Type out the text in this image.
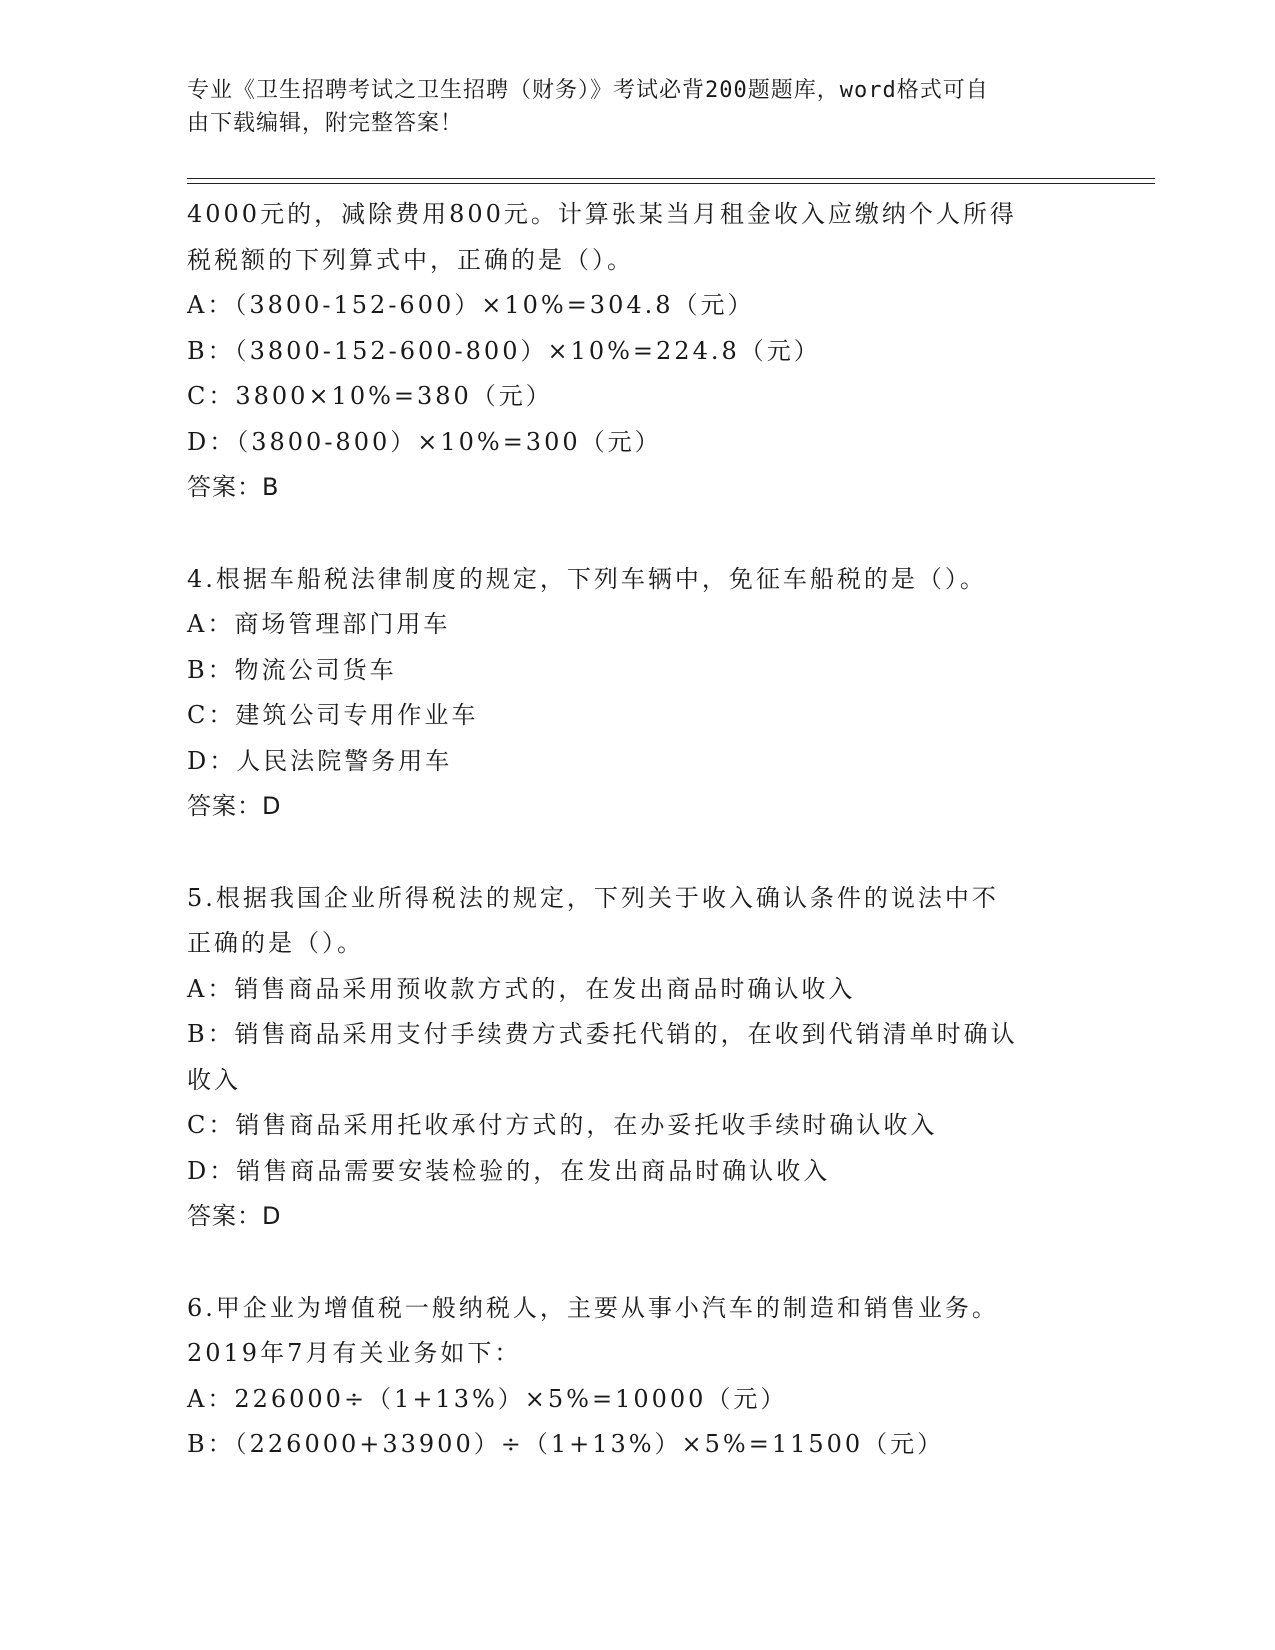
专业《卫生招聘考试之卫生招聘（财务）》考试必背200题题库，word格式可自
由下载编辑，附完整答案！
4000元的，减除费用800元。计算张某当月租金收入应缴纳个人所得
税税额的下列算式中，正确的是（）。
A：（3800-152-600）×10%=304.8（元）
B：（3800-152-600-800）×10%=224.8（元）
C：3800×10%=380（元）
D：（3800-800）×10%=300（元）
答案：B
4.根据车船税法律制度的规定，下列车辆中，免征车船税的是（）。
A：商场管理部门用车
B：物流公司货车
C：建筑公司专用作业车
D：人民法院警务用车
答案：D
5.根据我国企业所得税法的规定，下列关于收入确认条件的说法中不
正确的是（）。
A：销售商品采用预收款方式的，在发出商品时确认收入
B：销售商品采用支付手续费方式委托代销的，在收到代销清单时确认
收入
C：销售商品采用托收承付方式的，在办妥托收手续时确认收入
D：销售商品需要安装检验的，在发出商品时确认收入
答案：D
6.甲企业为增值税一般纳税人，主要从事小汽车的制造和销售业务。
2019年7月有关业务如下：
A：226000÷（1+13%）×5%=10000（元）
B：（226000+33900）÷（1+13%）×5%=11500（元）
